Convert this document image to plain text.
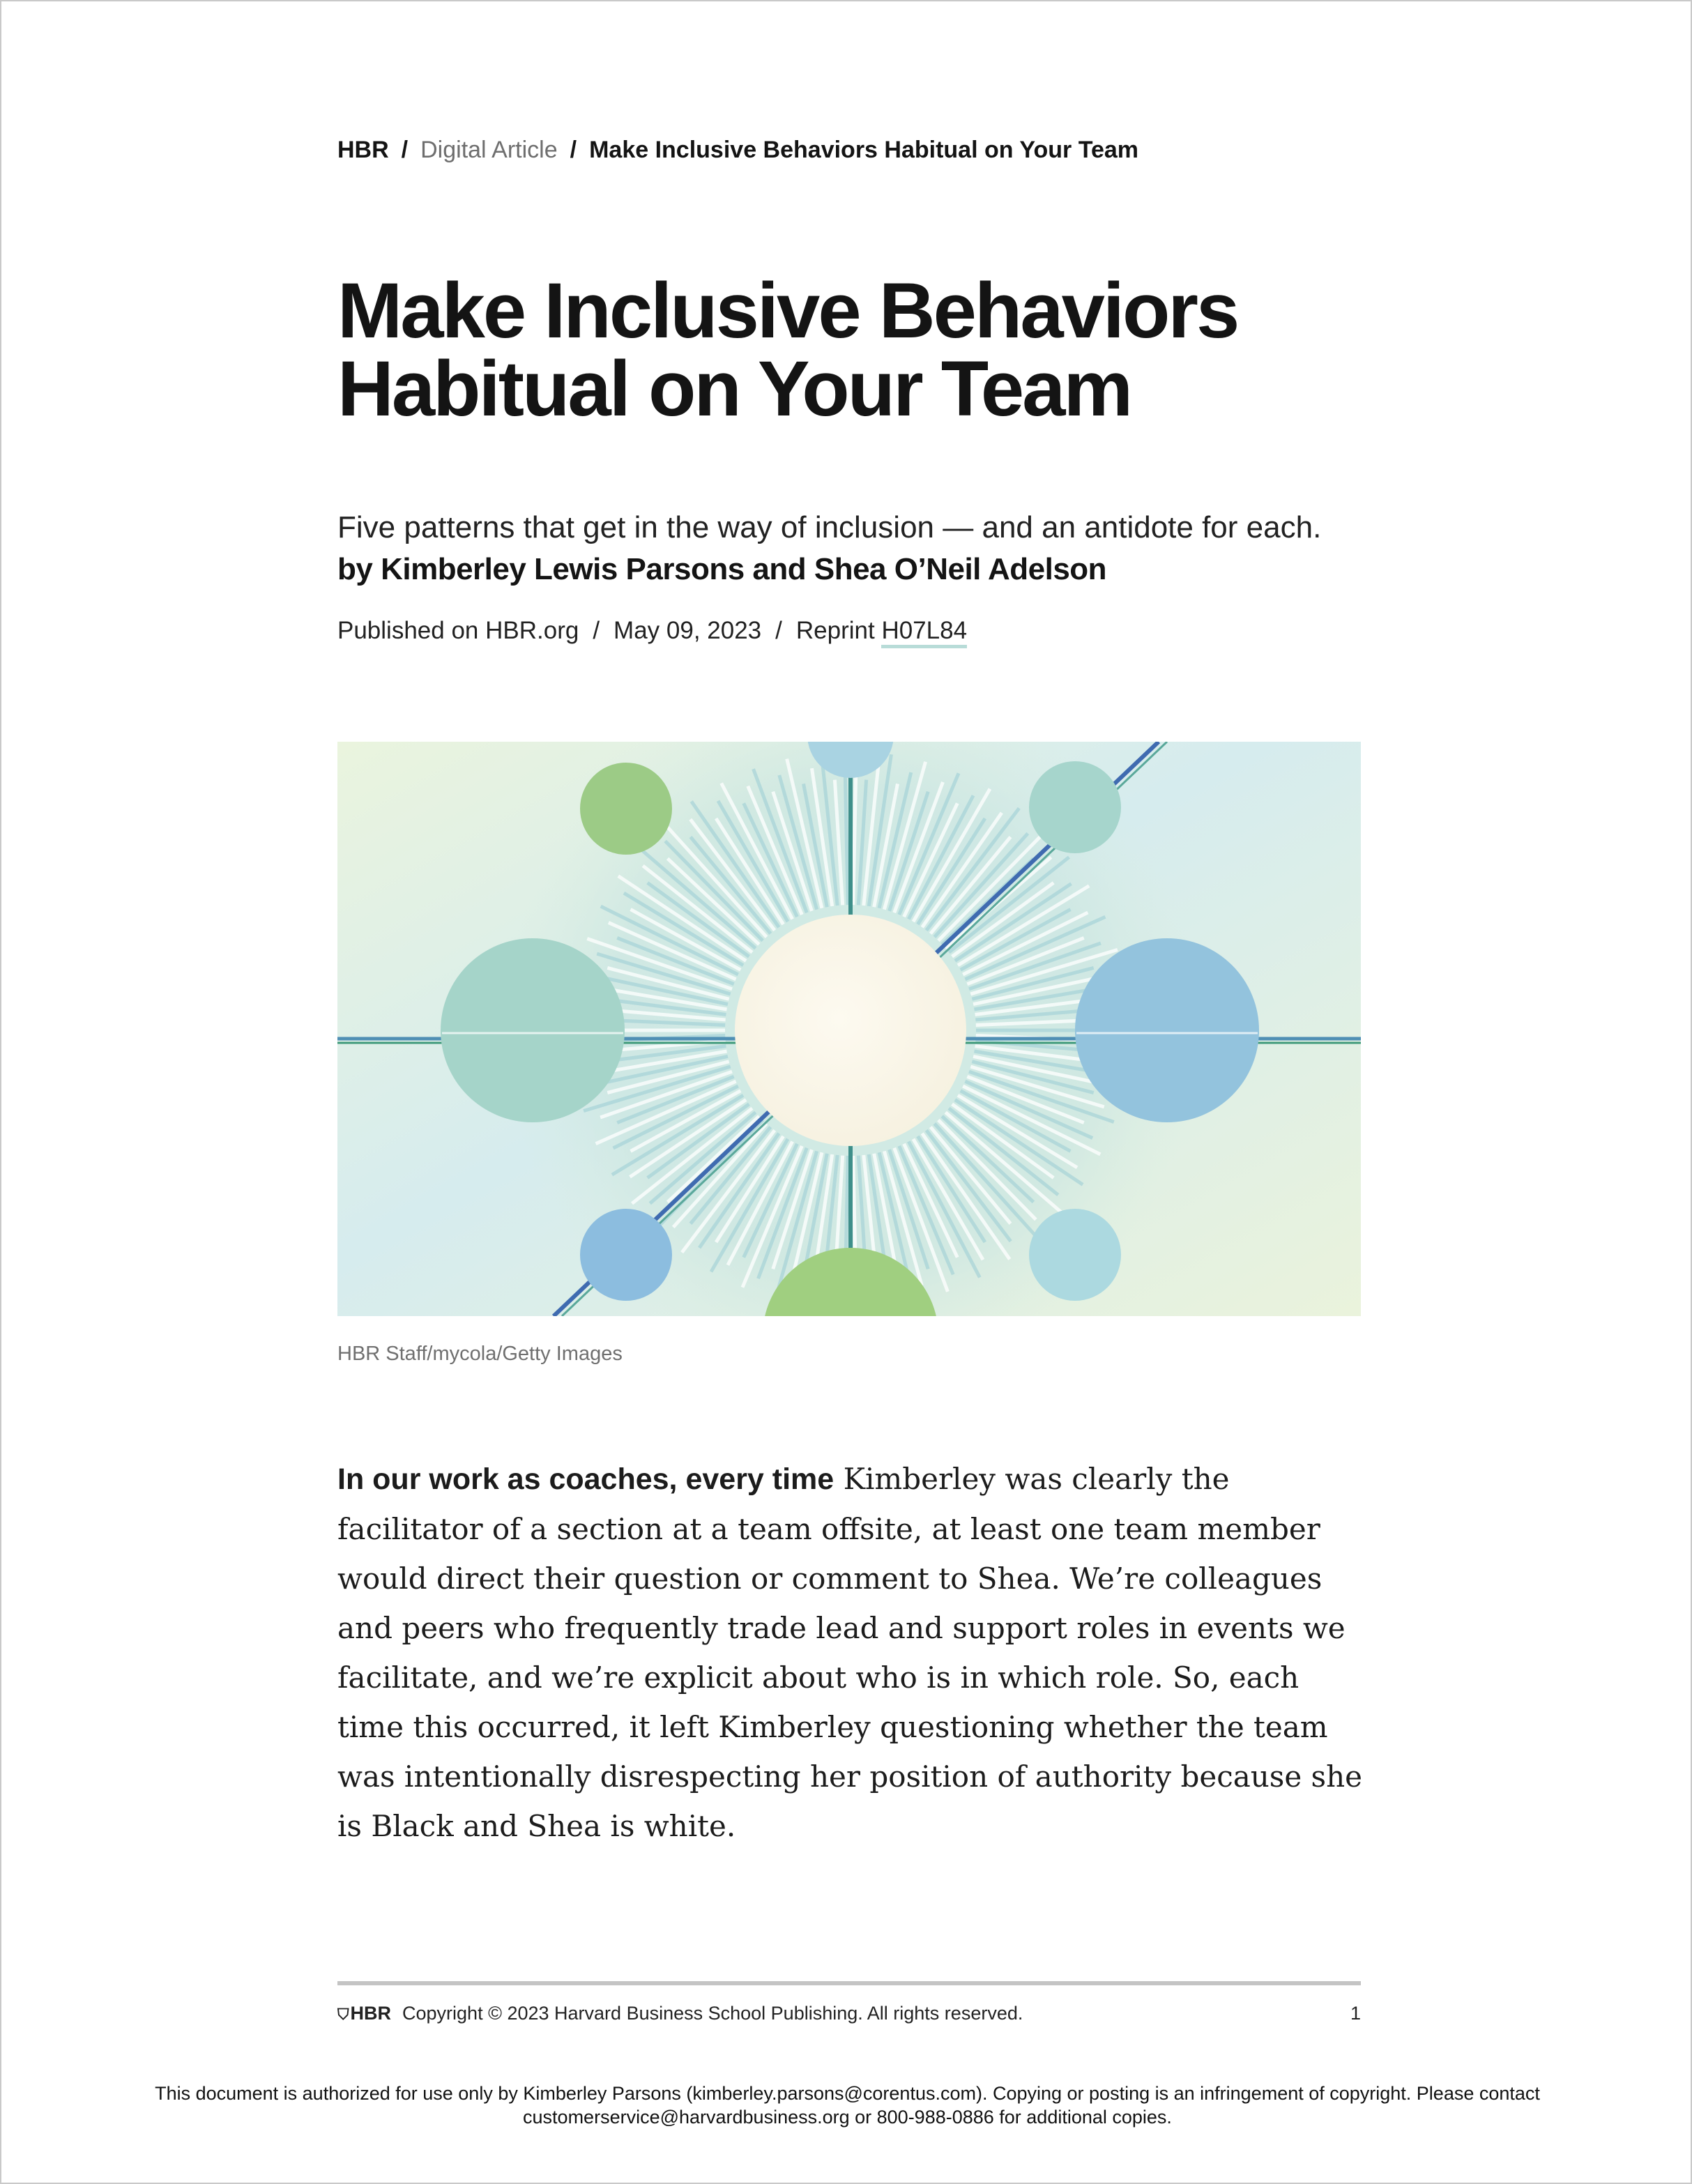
HBR / Digital Article / Make Inclusive Behaviors Habitual on Your Team
Make Inclusive Behaviors
Habitual on Your Team
Five patterns that get in the way of inclusion — and an antidote for each.
by Kimberley Lewis Parsons and Shea O’Neil Adelson
Published on HBR.org / May 09, 2023 / Reprint H07L84
HBR Staff/mycola/Getty Images

In our work as coaches, every time Kimberley was clearly the facilitator of a section at a team offsite, at least one team member would direct their question or comment to Shea. We’re colleagues and peers who frequently trade lead and support roles in events we facilitate, and we’re explicit about who is in which role. So, each time this occurred, it left Kimberley questioning whether the team was intentionally disrespecting her position of authority because she is Black and Shea is white.

⛉HBR Copyright © 2023 Harvard Business School Publishing. All rights reserved.	1
This document is authorized for use only by Kimberley Parsons (kimberley.parsons@corentus.com). Copying or posting is an infringement of copyright. Please contact
customerservice@harvardbusiness.org or 800-988-0886 for additional copies.
